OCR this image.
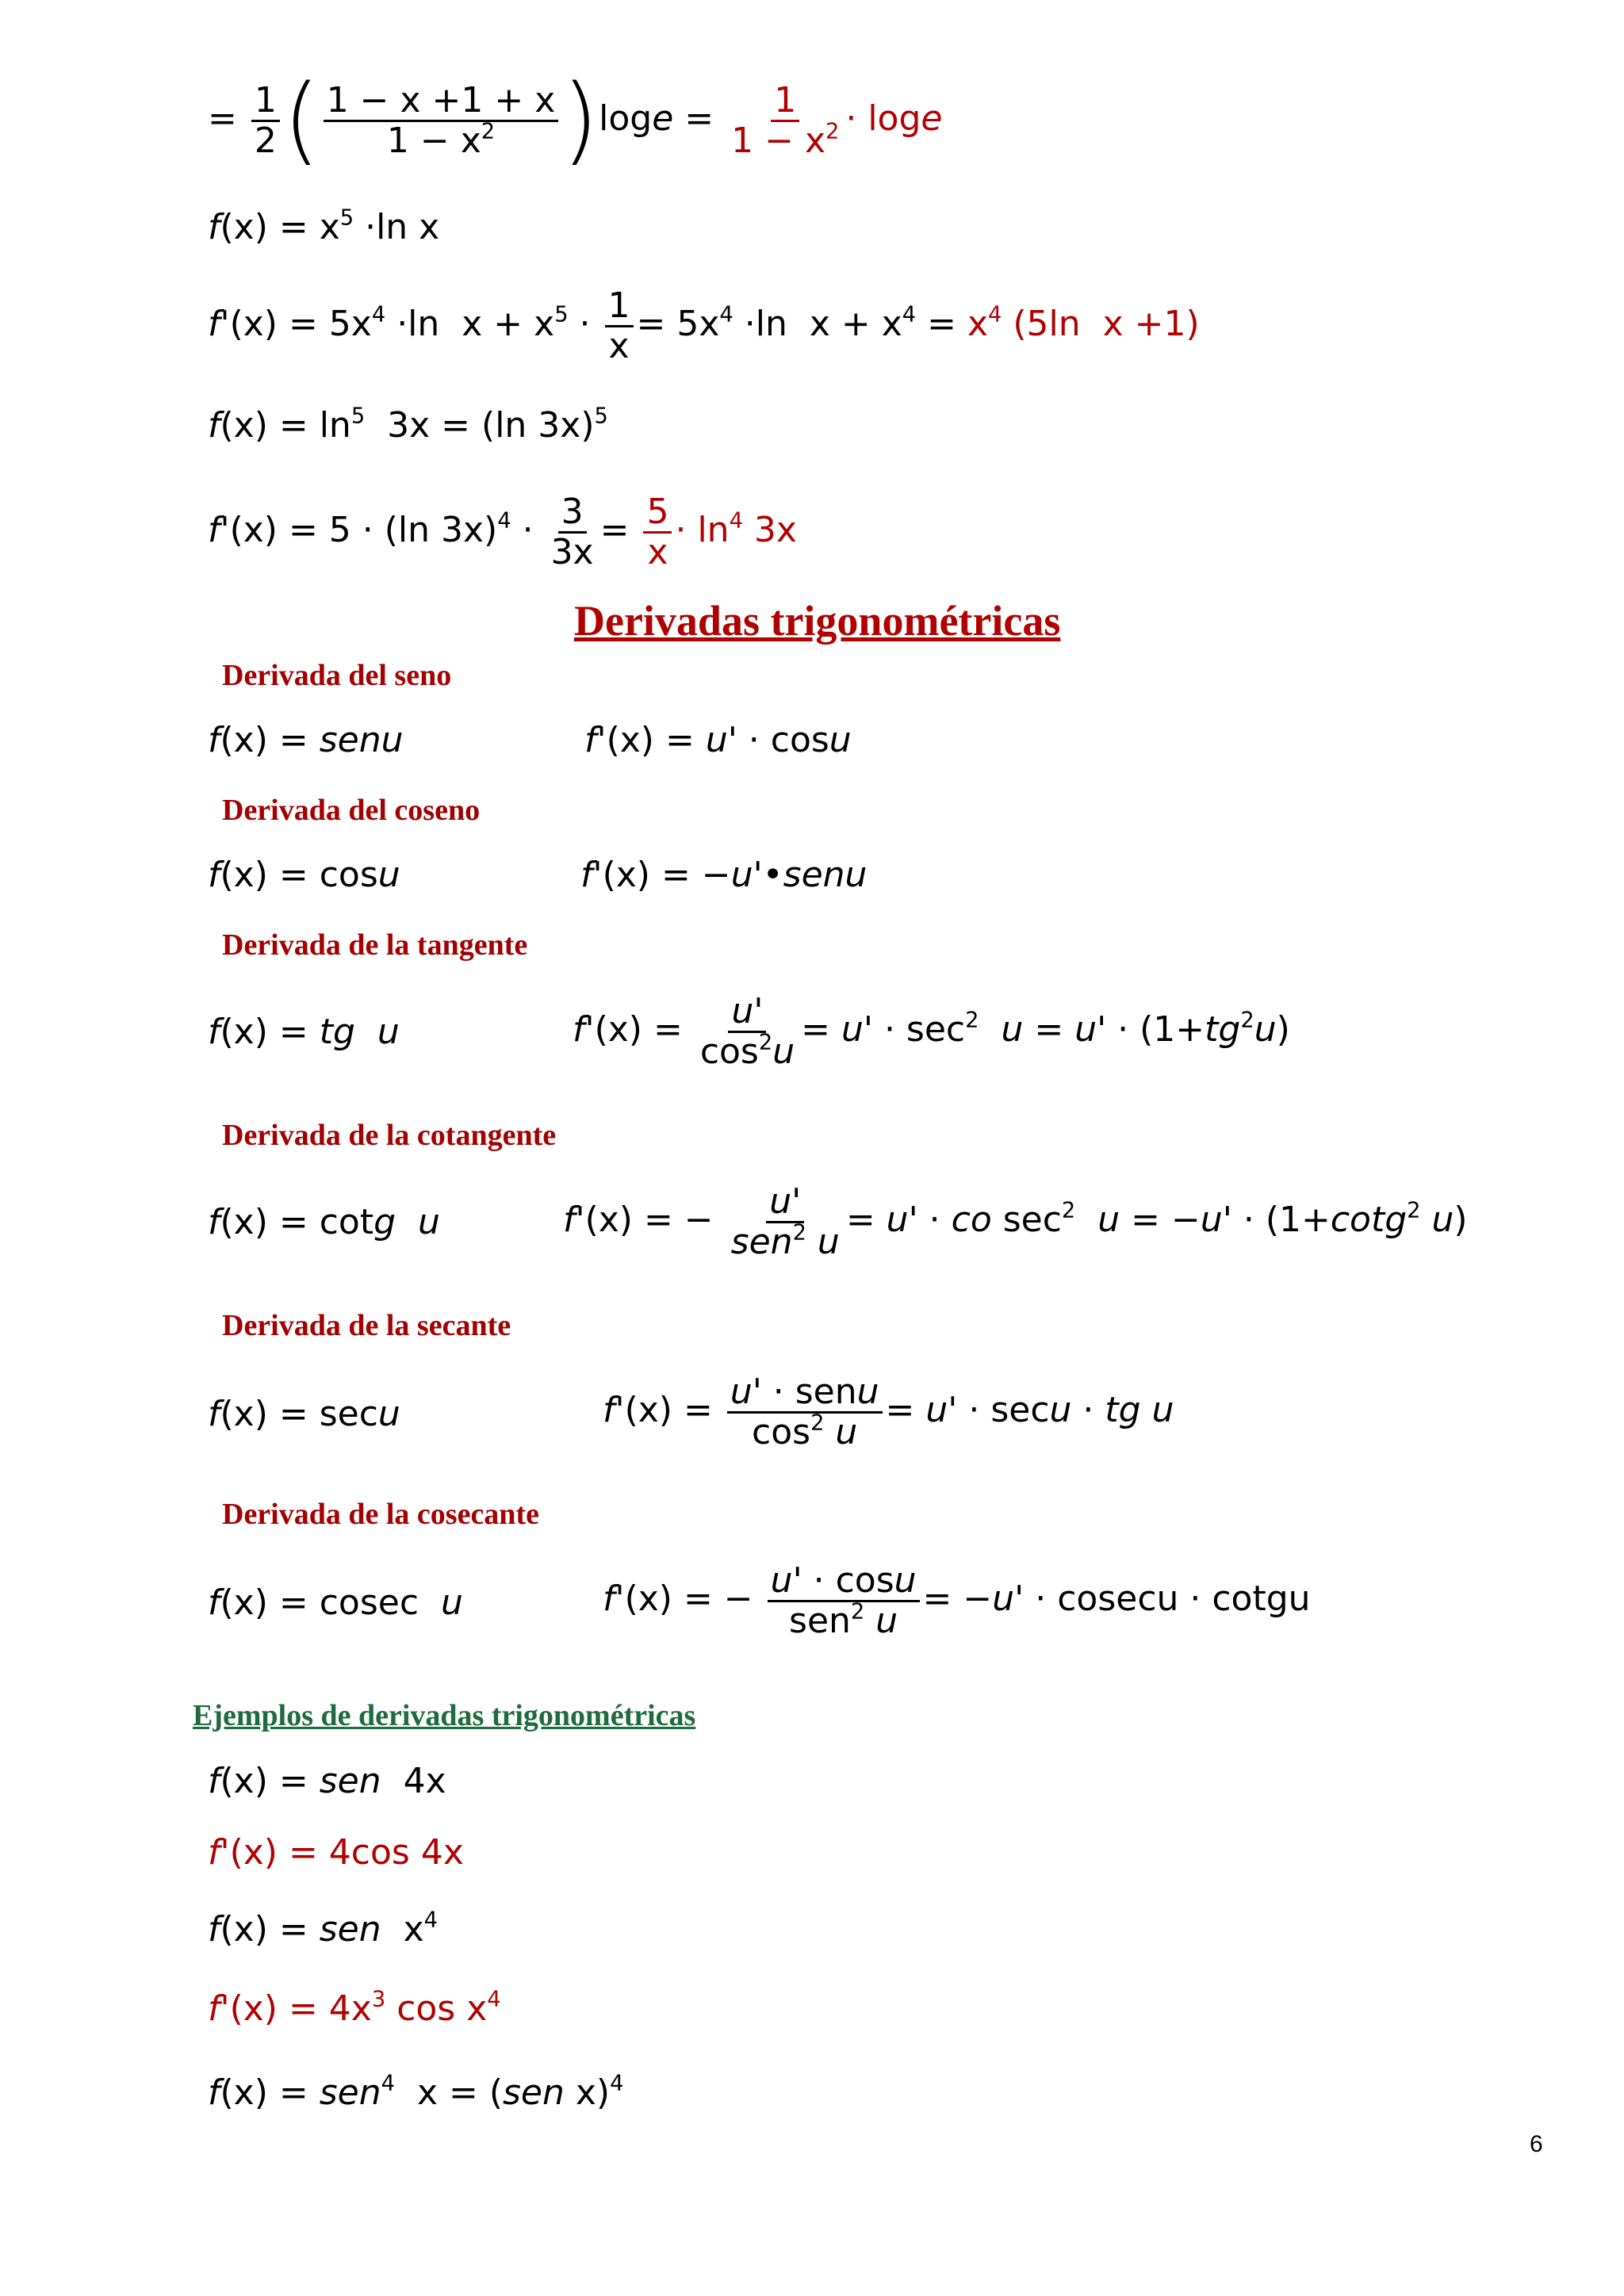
= $\frac{1}{2}$ ( $\frac{1 - x +1 + x}{1 - x^2} )\log e = \frac{1}{1 - x^2} \cdot \log e$
$f(x) = x^5 \cdot\ln$ x
$f'(x) = 5x^4 \cdot\ln$  $x + x^5 \cdot \frac{1}{x} = 5x^4 \cdot\ln$  $x + x^4 = x^4$ (5ln  x +1)
$f(x) = \ln^5 3x = (\ln$ 3x)$^5$
f'(x) = 5 · (ln $3x)^4 \cdot \frac{3}{3x} = \frac{5}{x} \cdot \ln^4 3x$
Derivadas trigonométricas
Derivada del seno
f(x) = senu	f'(x) = u' · cosu
Derivada del coseno
f(x) = cosu	f'(x) = −u'•senu
Derivada de la tangente
f(x) = tg u	$f'(x) = \frac{u'}{\cos^2u} = u' \cdot \sec^2 u = u' \cdot (1+tg^2u)$
Derivada de la cotangente
f(x) = cotg u	f'(x) = − $\frac{u'}{sen^2 u} = u'$ · co $\sec^2 u = -u' \cdot (1+\cot g^2$ u)
Derivada de la secante
f(x) = secu	$f'(x) = \frac{\text{u' · senu}}{\cos^2 u} = u' \cdot \sec u$ · tg u
Derivada de la cosecante
f(x) = cosec  u	f'(x) = − $\frac{u' \cdot \cos u}{sen^2 u} = -u' \cdot cosecu$ · cotgu
Ejemplos de derivadas trigonométricas
f(x) = sen  4x
f'(x) = 4cos 4x
f(x) = sen  $x^4$
$f'(x) = 4x^3$ $\cos x^4$
f(x) = sen$^4$  x = (sen x)$^4$
6
